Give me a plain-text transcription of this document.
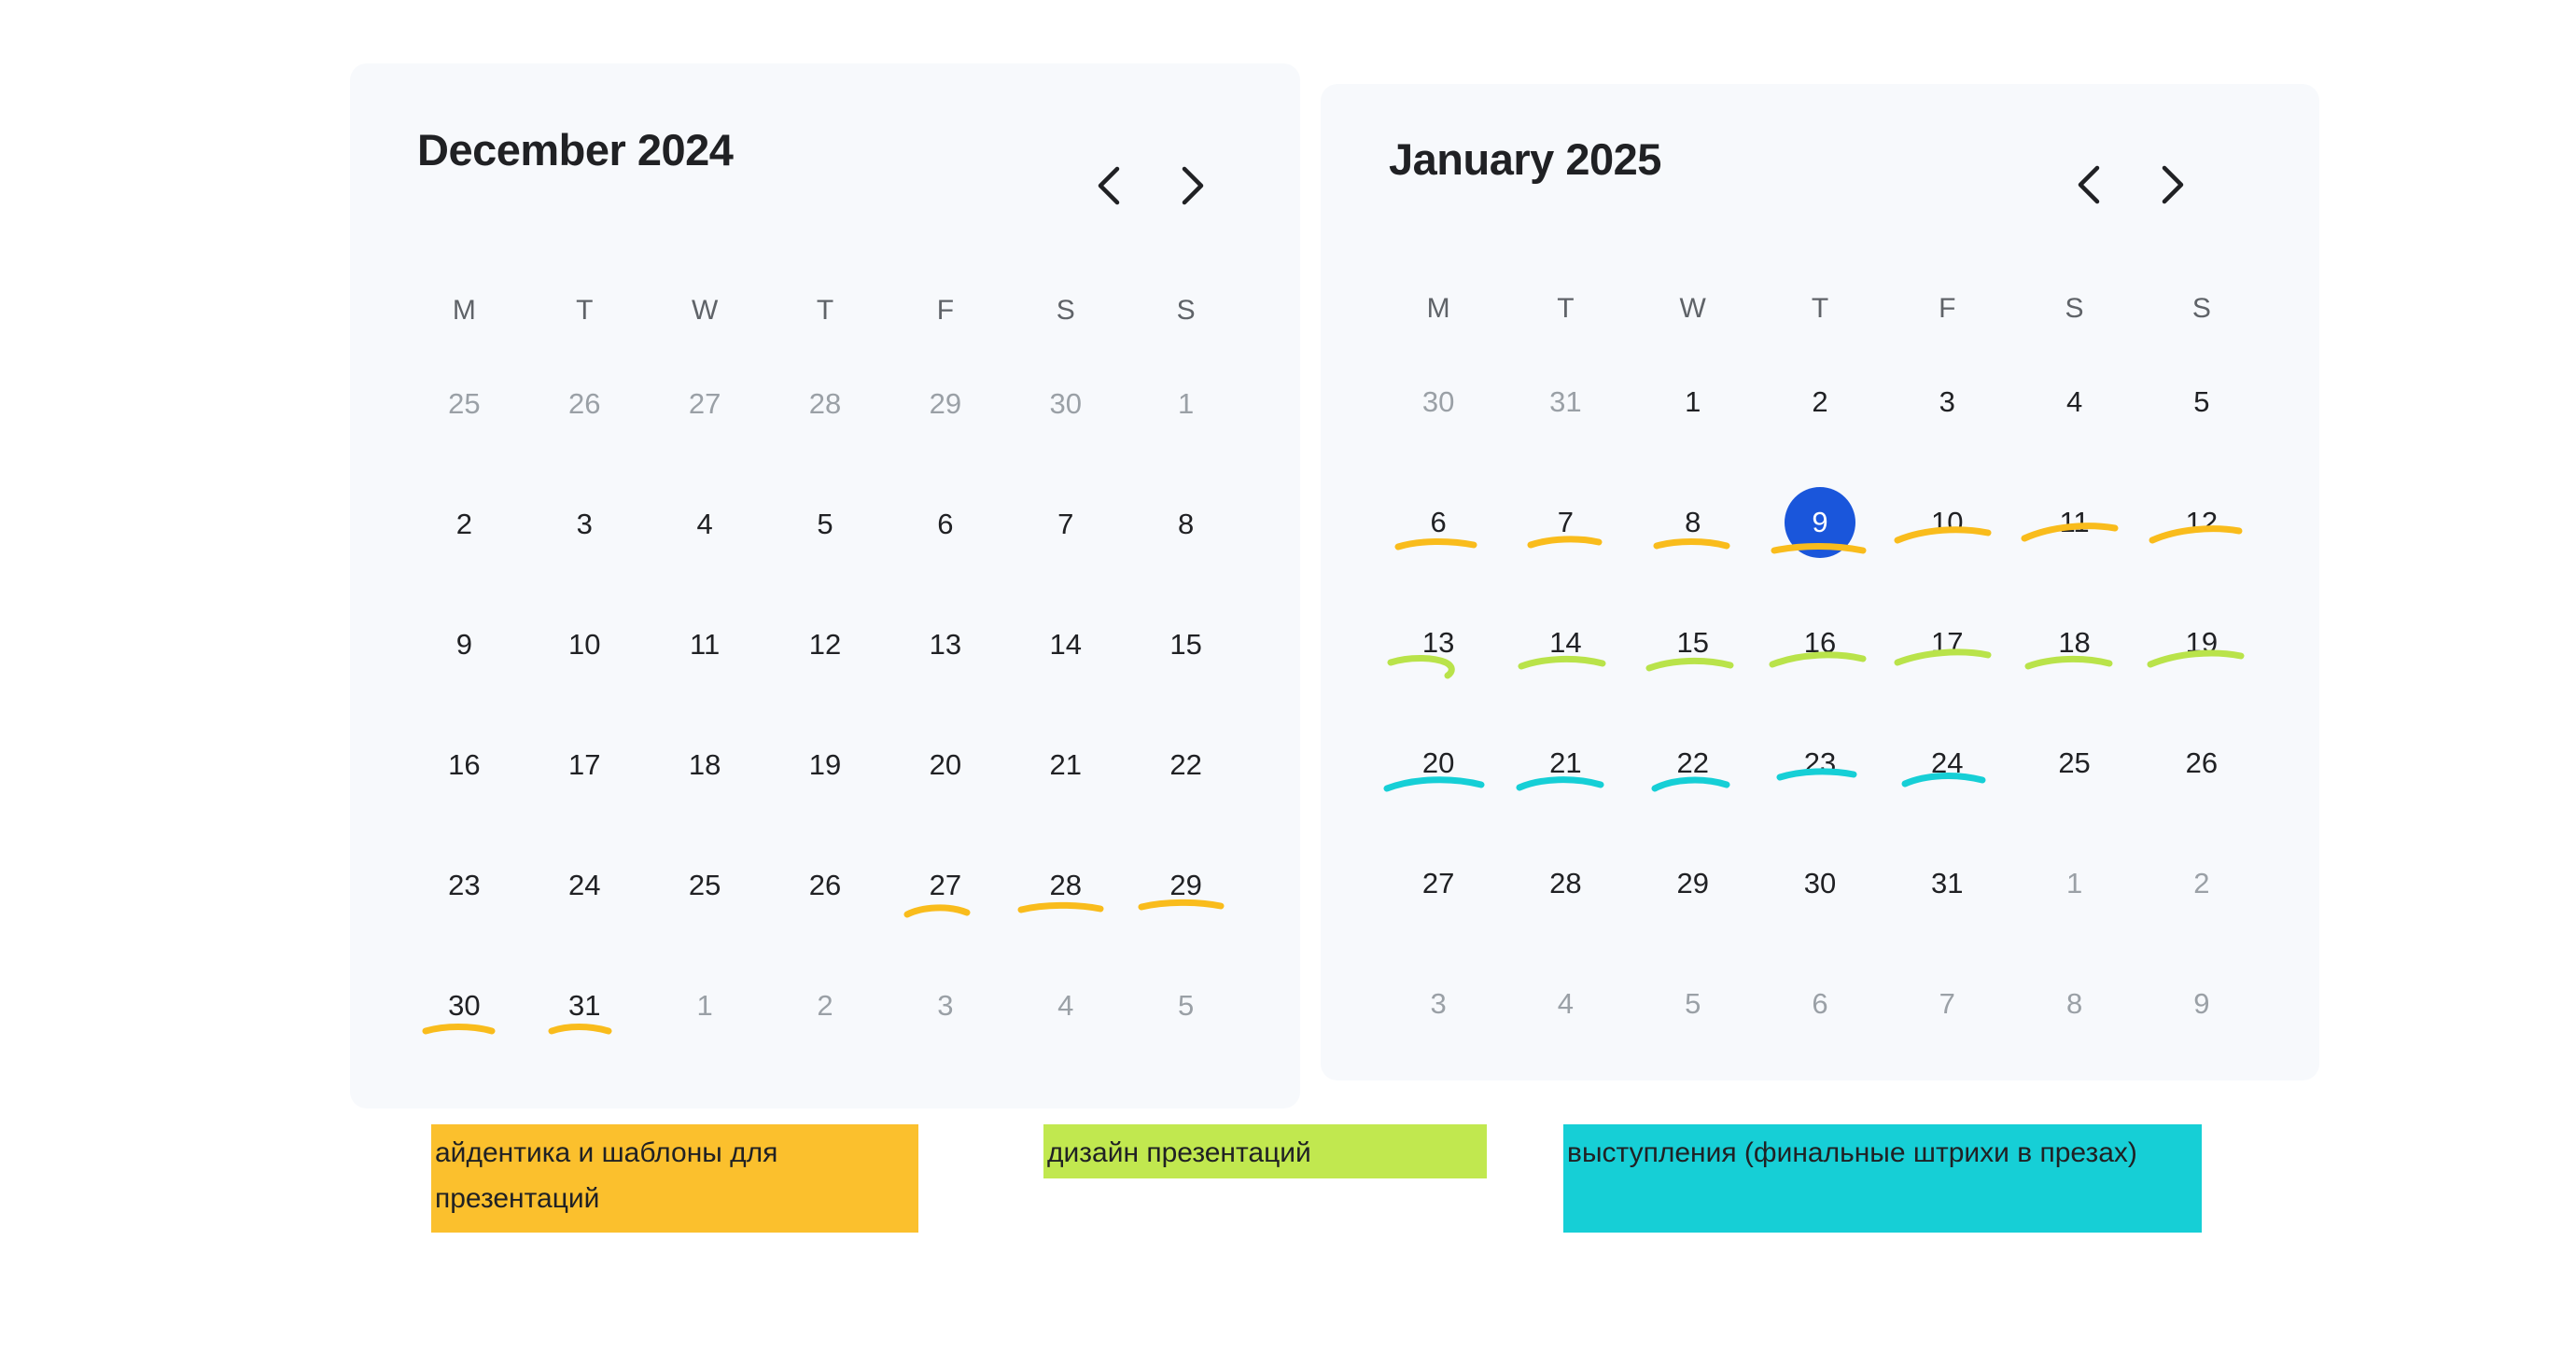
December 2024
M	T	W	T	F	S	S
25	26	27	28	29	30	1
2	3	4	5	6	7	8
9	10	11	12	13	14	15
16	17	18	19	20	21	22
23	24	25	26	27	28	29
30	31	1	2	3	4	5
January 2025
M	T	W	T	F	S	S
30	31	1	2	3	4	5
6	7	8	9	10	11	12
13	14	15	16	17	18	19
20	21	22	23	24	25	26
27	28	29	30	31	1	2
3	4	5	6	7	8	9
айдентика и шаблоны для презентаций
дизайн презентаций	выступления (финальные штрихи в презах)
